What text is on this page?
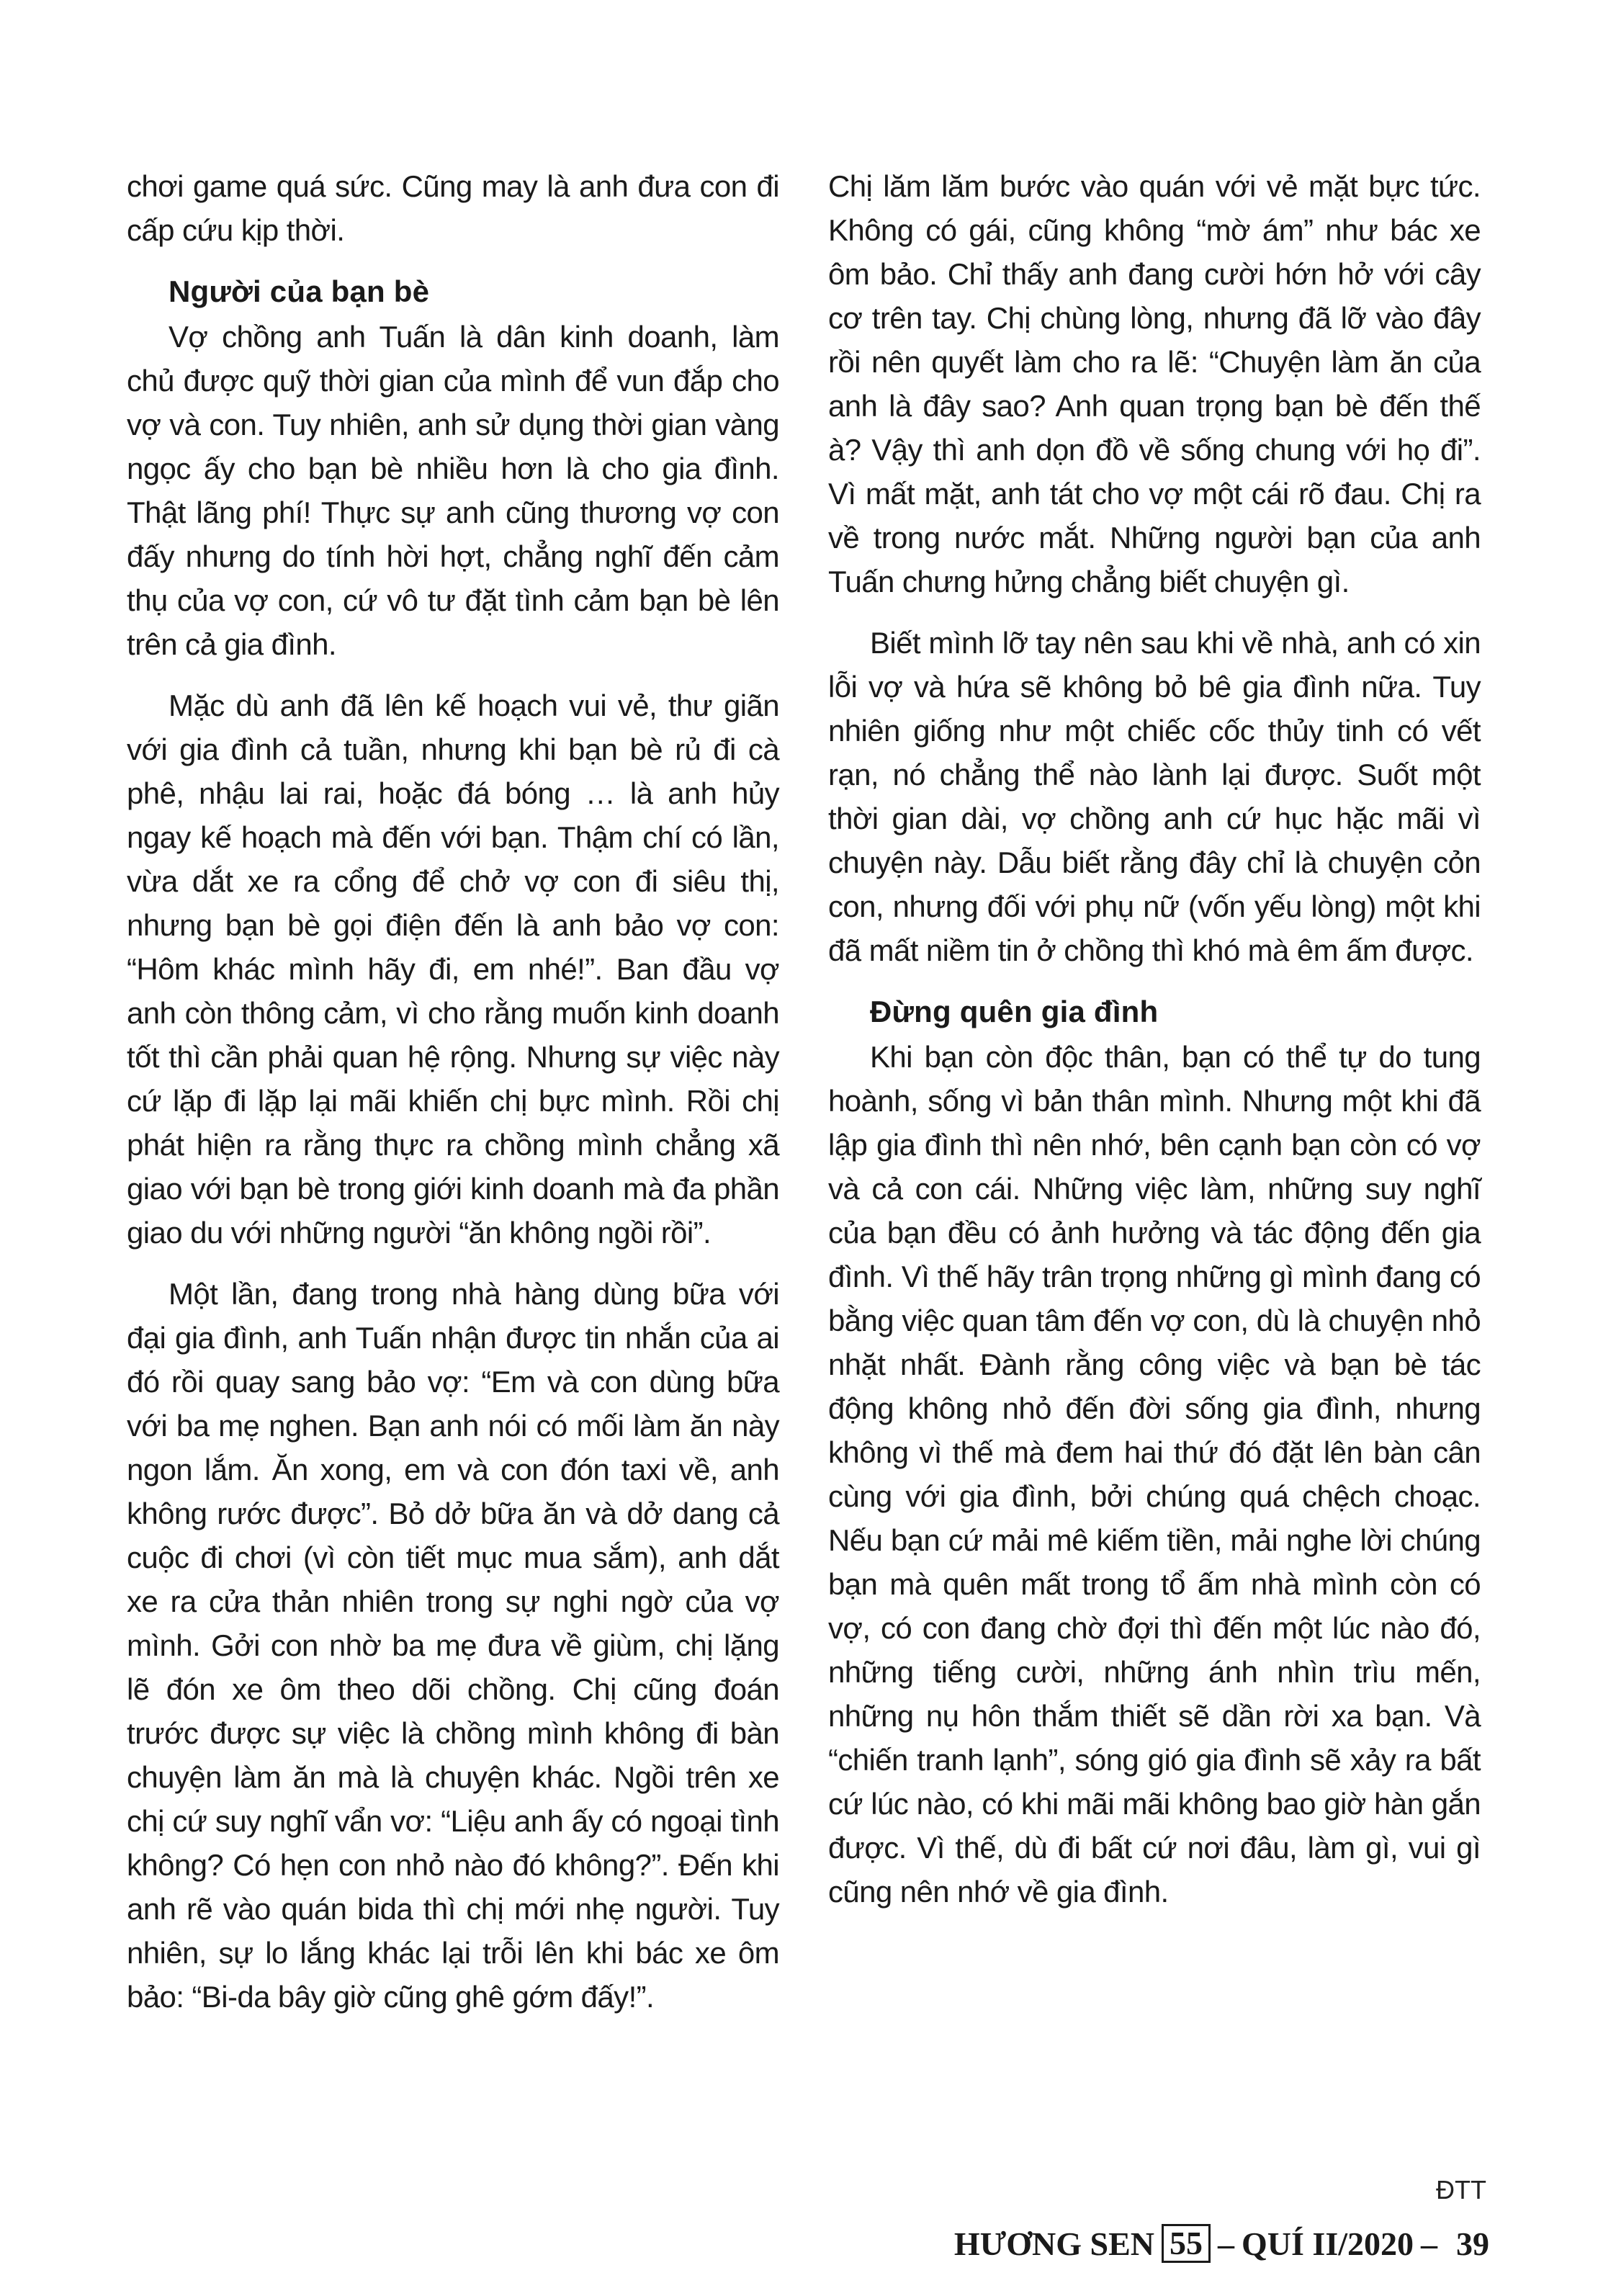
chơi game quá sức. Cũng may là anh đưa con đi cấp cứu kịp thời.

Người của bạn bè

Vợ chồng anh Tuấn là dân kinh doanh, làm chủ được quỹ thời gian của mình để vun đắp cho vợ và con. Tuy nhiên, anh sử dụng thời gian vàng ngọc ấy cho bạn bè nhiều hơn là cho gia đình. Thật lãng phí! Thực sự anh cũng thương vợ con đấy nhưng do tính hời hợt, chẳng nghĩ đến cảm thụ của vợ con, cứ vô tư đặt tình cảm bạn bè lên trên cả gia đình.

Mặc dù anh đã lên kế hoạch vui vẻ, thư giãn với gia đình cả tuần, nhưng khi bạn bè rủ đi cà phê, nhậu lai rai, hoặc đá bóng … là anh hủy ngay kế hoạch mà đến với bạn. Thậm chí có lần, vừa dắt xe ra cổng để chở vợ con đi siêu thị, nhưng bạn bè gọi điện đến là anh bảo vợ con: “Hôm khác mình hãy đi, em nhé!”. Ban đầu vợ anh còn thông cảm, vì cho rằng muốn kinh doanh tốt thì cần phải quan hệ rộng. Nhưng sự việc này cứ lặp đi lặp lại mãi khiến chị bực mình. Rồi chị phát hiện ra rằng thực ra chồng mình chẳng xã giao với bạn bè trong giới kinh doanh mà đa phần giao du với những người “ăn không ngồi rồi”.

Một lần, đang trong nhà hàng dùng bữa với đại gia đình, anh Tuấn nhận được tin nhắn của ai đó rồi quay sang bảo vợ: “Em và con dùng bữa với ba mẹ nghen. Bạn anh nói có mối làm ăn này ngon lắm. Ăn xong, em và con đón taxi về, anh không rước được”. Bỏ dở bữa ăn và dở dang cả cuộc đi chơi (vì còn tiết mục mua sắm), anh dắt xe ra cửa thản nhiên trong sự nghi ngờ của vợ mình. Gởi con nhờ ba mẹ đưa về giùm, chị lặng lẽ đón xe ôm theo dõi chồng. Chị cũng đoán trước được sự việc là chồng mình không đi bàn chuyện làm ăn mà là chuyện khác. Ngồi trên xe chị cứ suy nghĩ vẩn vơ: “Liệu anh ấy có ngoại tình không? Có hẹn con nhỏ nào đó không?”. Đến khi anh rẽ vào quán bida thì chị mới nhẹ người. Tuy nhiên, sự lo lắng khác lại trỗi lên khi bác xe ôm bảo: “Bi-da bây giờ cũng ghê gớm đấy!”.

Chị lăm lăm bước vào quán với vẻ mặt bực tức. Không có gái, cũng không “mờ ám” như bác xe ôm bảo. Chỉ thấy anh đang cười hớn hở với cây cơ trên tay. Chị chùng lòng, nhưng đã lỡ vào đây rồi nên quyết làm cho ra lẽ: “Chuyện làm ăn của anh là đây sao? Anh quan trọng bạn bè đến thế à? Vậy thì anh dọn đồ về sống chung với họ đi”. Vì mất mặt, anh tát cho vợ một cái rõ đau. Chị ra về trong nước mắt. Những người bạn của anh Tuấn chưng hửng chẳng biết chuyện gì.

Biết mình lỡ tay nên sau khi về nhà, anh có xin lỗi vợ và hứa sẽ không bỏ bê gia đình nữa. Tuy nhiên giống như một chiếc cốc thủy tinh có vết rạn, nó chẳng thể nào lành lại được. Suốt một thời gian dài, vợ chồng anh cứ hục hặc mãi vì chuyện này. Dẫu biết rằng đây chỉ là chuyện cỏn con, nhưng đối với phụ nữ (vốn yếu lòng) một khi đã mất niềm tin ở chồng thì khó mà êm ấm được.

Đừng quên gia đình

Khi bạn còn độc thân, bạn có thể tự do tung hoành, sống vì bản thân mình. Nhưng một khi đã lập gia đình thì nên nhớ, bên cạnh bạn còn có vợ và cả con cái. Những việc làm, những suy nghĩ của bạn đều có ảnh hưởng và tác động đến gia đình. Vì thế hãy trân trọng những gì mình đang có bằng việc quan tâm đến vợ con, dù là chuyện nhỏ nhặt nhất. Đành rằng công việc và bạn bè tác động không nhỏ đến đời sống gia đình, nhưng không vì thế mà đem hai thứ đó đặt lên bàn cân cùng với gia đình, bởi chúng quá chệch choạc. Nếu bạn cứ mải mê kiếm tiền, mải nghe lời chúng bạn mà quên mất trong tổ ấm nhà mình còn có vợ, có con đang chờ đợi thì đến một lúc nào đó, những tiếng cười, những ánh nhìn trìu mến, những nụ hôn thắm thiết sẽ dần rời xa bạn. Và “chiến tranh lạnh”, sóng gió gia đình sẽ xảy ra bất cứ lúc nào, có khi mãi mãi không bao giờ hàn gắn được. Vì thế, dù đi bất cứ nơi đâu, làm gì, vui gì cũng nên nhớ về gia đình.

ĐTT
HƯƠNG SEN 55 – QUÍ II/2020 – 39
